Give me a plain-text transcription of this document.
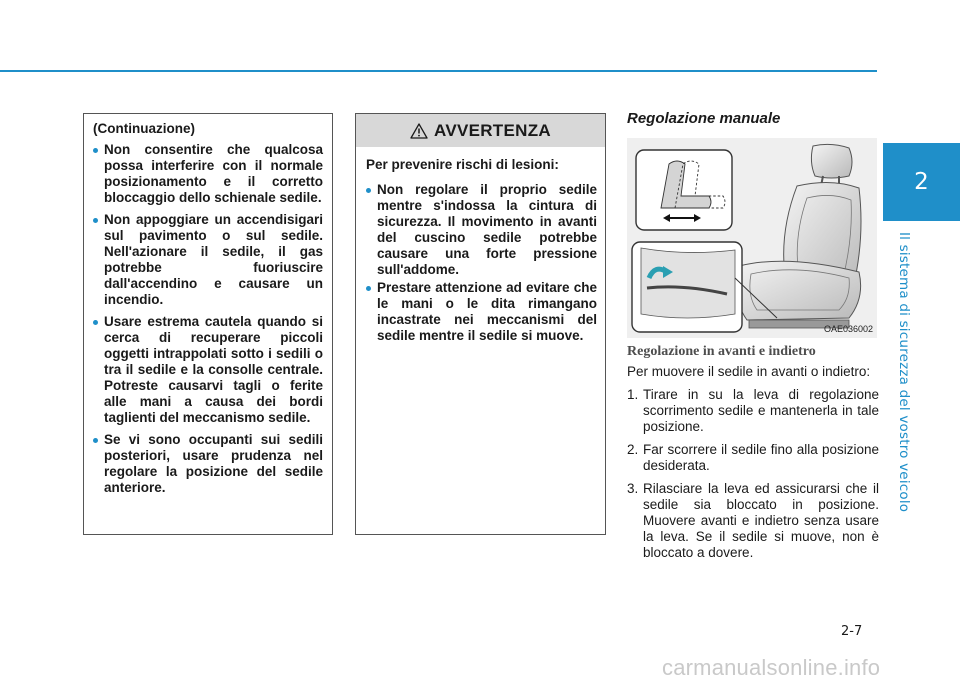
2
Il sistema di sicurezza del vostro veicolo

(Continuazione)

Non consentire che qualcosa possa interferire con il normale posizionamento e il corretto bloccaggio dello schienale sedile.
Non appoggiare un accendisigari sul pavimento o sul sedile. Nell'azionare il sedile, il gas potrebbe fuoriuscire dall'accendino e causare un incendio.
Usare estrema cautela quando si cerca di recuperare piccoli oggetti intrappolati sotto i sedili o tra il sedile e la consolle centrale. Potreste causarvi tagli o ferite alle mani a causa dei bordi taglienti del meccanismo sedile.
Se vi sono occupanti sui sedili posteriori, usare prudenza nel regolare la posizione del sedile anteriore.
AVVERTENZA

Per prevenire rischi di lesioni:

Non regolare il proprio sedile mentre s'indossa la cintura di sicurezza. Il movimento in avanti del cuscino sedile potrebbe causare una forte pressione sull'addome.
Prestare attenzione ad evitare che le mani o le dita rimangano incastrate nei meccanismi del sedile mentre il sedile si muove.
Regolazione manuale
OAE036002
Regolazione in avanti e indietro

Per muovere il sedile in avanti o indietro:

1. Tirare in su la leva di regolazione scorrimento sedile e mantenerla in tale posizione.
2. Far scorrere il sedile fino alla posizione desiderata.
3. Rilasciare la leva ed assicurarsi che il sedile sia bloccato in posizione. Muovere avanti e indietro senza usare la leva. Se il sedile si muove, non è bloccato a dovere.
2-7
carmanualsonline.info
